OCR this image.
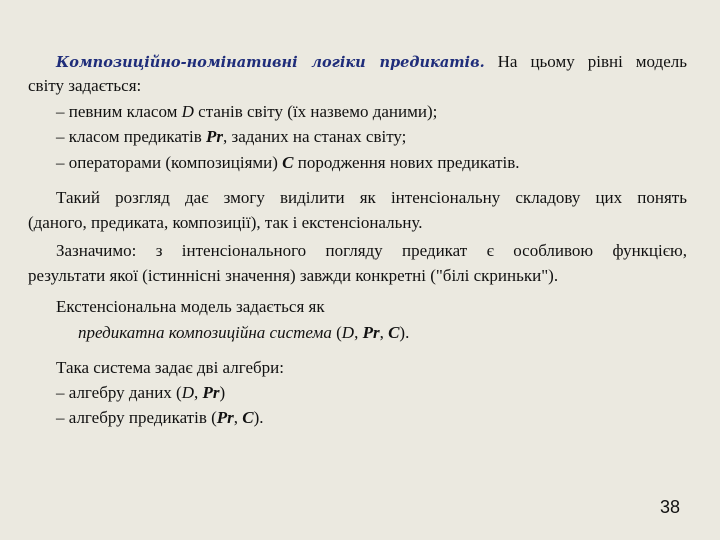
Композиційно-номінативні логіки предикатів. На цьому рівні модель
світу задається:
– певним класом D станів світу (їх назвемо даними);
– класом предикатів Pr, заданих на станах світу;
– операторами (композиціями) C породження нових предикатів.
Такий розгляд дає змогу виділити як інтенсіональну складову цих понять
(даного, предиката, композиції), так і екстенсіональну.
Зазначимо: з інтенсіонального погляду предикат є особливою функцією,
результати якої (істиннісні значення) завжди конкретні ("білі скриньки").
Екстенсіональна модель задається як
предикатна композиційна система (D, Pr, C).
Така система задає дві алгебри:
– алгебру даних (D, Pr)
– алгебру предикатів (Pr, C).
38
